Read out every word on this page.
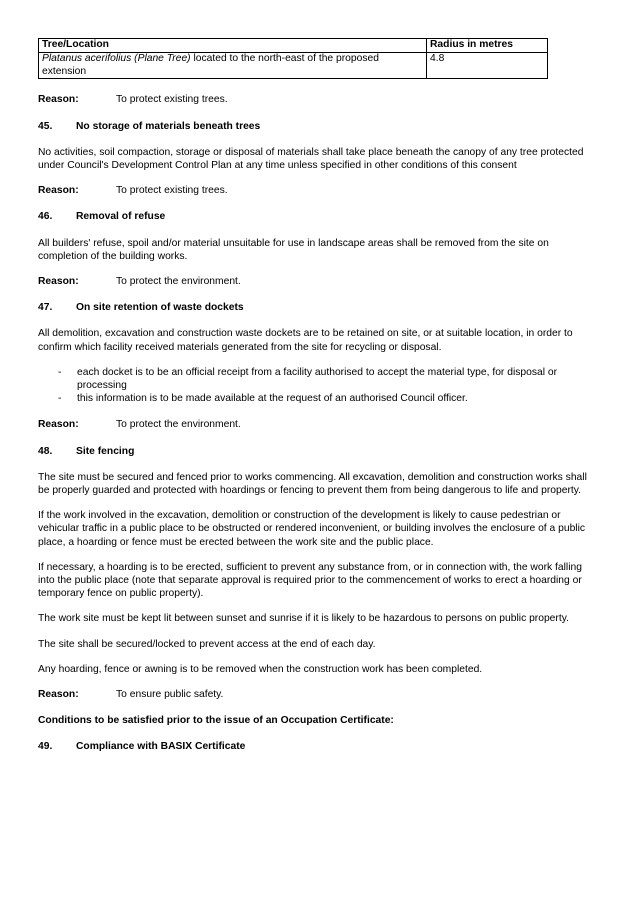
Tree/Location	Radius in metres
Platanus acerifolius (Plane Tree) located to the north-east of the proposed extension	4.8
Reason:	To protect existing trees.
45.	No storage of materials beneath trees

No activities, soil compaction, storage or disposal of materials shall take place beneath the canopy of any tree protected under Council's Development Control Plan at any time unless specified in other conditions of this consent

Reason:	To protect existing trees.
46.	Removal of refuse

All builders' refuse, spoil and/or material unsuitable for use in landscape areas shall be removed from the site on completion of the building works.

Reason:	To protect the environment.
47.	On site retention of waste dockets

All demolition, excavation and construction waste dockets are to be retained on site, or at suitable location, in order to confirm which facility received materials generated from the site for recycling or disposal.

-	each docket is to be an official receipt from a facility authorised to accept the material type, for disposal or processing
-	this information is to be made available at the request of an authorised Council officer.
Reason:	To protect the environment.
48.	Site fencing

The site must be secured and fenced prior to works commencing. All excavation, demolition and construction works shall be properly guarded and protected with hoardings or fencing to prevent them from being dangerous to life and property.

If the work involved in the excavation, demolition or construction of the development is likely to cause pedestrian or vehicular traffic in a public place to be obstructed or rendered inconvenient, or building involves the enclosure of a public place, a hoarding or fence must be erected between the work site and the public place.

If necessary, a hoarding is to be erected, sufficient to prevent any substance from, or in connection with, the work falling into the public place (note that separate approval is required prior to the commencement of works to erect a hoarding or temporary fence on public property).

The work site must be kept lit between sunset and sunrise if it is likely to be hazardous to persons on public property.

The site shall be secured/locked to prevent access at the end of each day.

Any hoarding, fence or awning is to be removed when the construction work has been completed.

Reason:	To ensure public safety.
Conditions to be satisfied prior to the issue of an Occupation Certificate:
49.	Compliance with BASIX Certificate
